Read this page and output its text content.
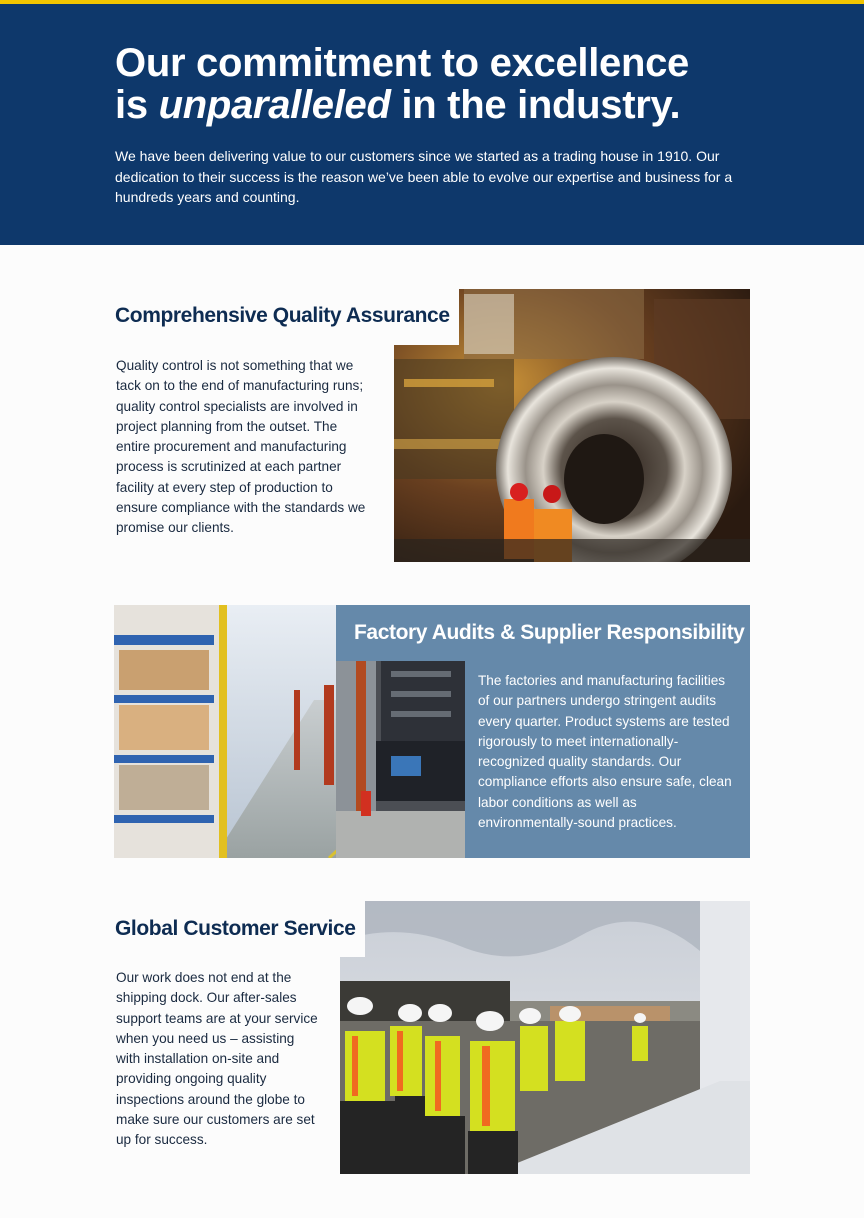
Our commitment to excellence
is unparalleled in the industry.

We have been delivering value to our customers since we started as a trading house in 1910. Our dedication to their success is the reason we’ve been able to evolve our expertise and business for a hundreds years and counting.

Comprehensive Quality Assurance

Quality control is not something that we tack on to the end of manufacturing runs; quality control specialists are involved in project planning from the outset. The entire procurement and manufacturing process is scrutinized at each partner facility at every step of production to ensure compliance with the standards we promise our clients.

Factory Audits & Supplier Responsibility

The factories and manufacturing facilities of our partners undergo stringent audits every quarter. Product systems are tested rigorously to meet internationally-recognized quality standards. Our compliance efforts also ensure safe, clean labor conditions as well as environmentally-sound practices.

Global Customer Service

Our work does not end at the shipping dock. Our after-sales support teams are at your service when you need us – assisting with installation on-site and providing ongoing quality inspections around the globe to make sure our customers are set up for success.
